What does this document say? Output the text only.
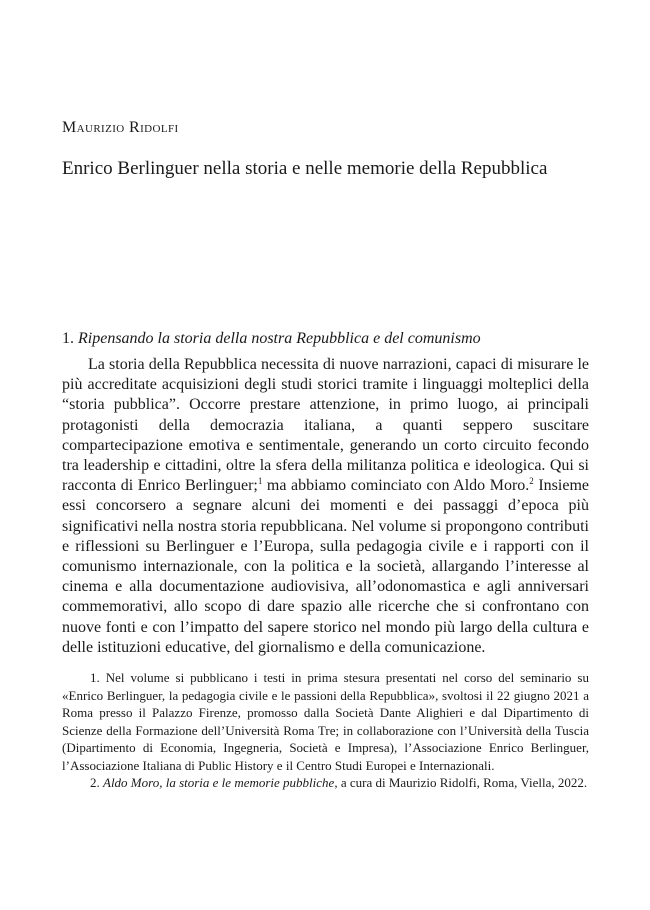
Maurizio Ridolfi
Enrico Berlinguer nella storia e nelle memorie della Repubblica
1. Ripensando la storia della nostra Repubblica e del comunismo

La storia della Repubblica necessita di nuove narrazioni, capaci di misurare le più accreditate acquisizioni degli studi storici tramite i linguaggi molteplici della “storia pubblica”. Occorre prestare attenzione, in primo luogo, ai principali protagonisti della democrazia italiana, a quanti seppero suscitare compartecipazione emotiva e sentimentale, generando un corto circuito fecondo tra leadership e cittadini, oltre la sfera della militanza politica e ideologica. Qui si racconta di Enrico Berlinguer;$^1$ ma abbiamo cominciato con Aldo Moro.$^2$ Insieme essi concorsero a segnare alcuni dei momenti e dei passaggi d’epoca più significativi nella nostra storia repubblicana. Nel volume si propongono contributi e riflessioni su Berlinguer e l’Europa, sulla pedagogia civile e i rapporti con il comunismo internazionale, con la politica e la società, allargando l’interesse al cinema e alla documentazione audiovisiva, all’odonomastica e agli anniversari commemorativi, allo scopo di dare spazio alle ricerche che si confrontano con nuove fonti e con l’impatto del sapere storico nel mondo più largo della cultura e delle istituzioni educative, del giornalismo e della comunicazione.

1. Nel volume si pubblicano i testi in prima stesura presentati nel corso del seminario su «Enrico Berlinguer, la pedagogia civile e le passioni della Repubblica», svoltosi il 22 giugno 2021 a Roma presso il Palazzo Firenze, promosso dalla Società Dante Alighieri e dal Dipartimento di Scienze della Formazione dell’Università Roma Tre; in collaborazione con l’Università della Tuscia (Dipartimento di Economia, Ingegneria, Società e Impresa), l’Associazione Enrico Berlinguer, l’Associazione Italiana di Public History e il Centro Studi Europei e Internazionali.

2. Aldo Moro, la storia e le memorie pubbliche, a cura di Maurizio Ridolfi, Roma, Viella, 2022.
